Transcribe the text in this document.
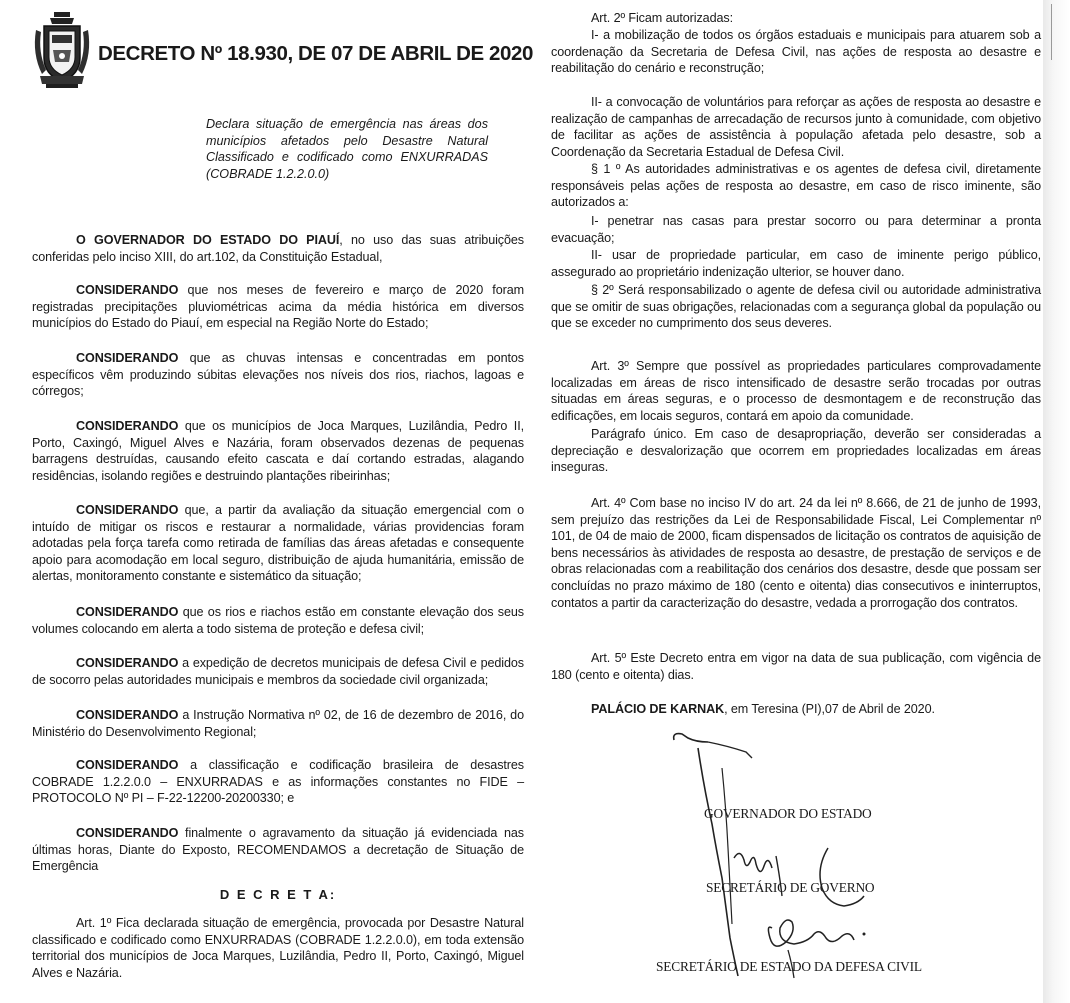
DECRETO Nº 18.930, DE 07 DE ABRIL DE 2020
Declara situação de emergência nas áreas dos municípios afetados pelo Desastre Natural Classificado e codificado como ENXURRADAS (COBRADE 1.2.2.0.0)

O GOVERNADOR DO ESTADO DO PIAUÍ, no uso das suas atribuições conferidas pelo inciso XIII, do art.102, da Constituição Estadual,

CONSIDERANDO que nos meses de fevereiro e março de 2020 foram registradas precipitações pluviométricas acima da média histórica em diversos municípios do Estado do Piauí, em especial na Região Norte do Estado;

CONSIDERANDO que as chuvas intensas e concentradas em pontos específicos vêm produzindo súbitas elevações nos níveis dos rios, riachos, lagoas e córregos;

CONSIDERANDO que os municípios de Joca Marques, Luzilândia, Pedro II, Porto, Caxingó, Miguel Alves e Nazária, foram observados dezenas de pequenas barragens destruídas, causando efeito cascata e daí cortando estradas, alagando residências, isolando regiões e destruindo plantações ribeirinhas;

CONSIDERANDO que, a partir da avaliação da situação emergencial com o intuído de mitigar os riscos e restaurar a normalidade, várias providencias foram adotadas pela força tarefa como retirada de famílias das áreas afetadas e consequente apoio para acomodação em local seguro, distribuição de ajuda humanitária, emissão de alertas, monitoramento constante e sistemático da situação;

CONSIDERANDO que os rios e riachos estão em constante elevação dos seus volumes colocando em alerta a todo sistema de proteção e defesa civil;

CONSIDERANDO a expedição de decretos municipais de defesa Civil e pedidos de socorro pelas autoridades municipais e membros da sociedade civil organizada;

CONSIDERANDO a Instrução Normativa nº 02, de 16 de dezembro de 2016, do Ministério do Desenvolvimento Regional;

CONSIDERANDO a classificação e codificação brasileira de desastres COBRADE 1.2.2.0.0 – ENXURRADAS e as informações constantes no FIDE – PROTOCOLO Nº PI – F-22-12200-20200330; e

CONSIDERANDO finalmente o agravamento da situação já evidenciada nas últimas horas, Diante do Exposto, RECOMENDAMOS a decretação de Situação de Emergência

D E C R E T A:

Art. 1º Fica declarada situação de emergência, provocada por Desastre Natural classificado e codificado como ENXURRADAS (COBRADE 1.2.2.0.0), em toda extensão territorial dos municípios de Joca Marques, Luzilândia, Pedro II, Porto, Caxingó, Miguel Alves e Nazária.

Art. 2º Ficam autorizadas:

I- a mobilização de todos os órgãos estaduais e municipais para atuarem sob a coordenação da Secretaria de Defesa Civil, nas ações de resposta ao desastre e reabilitação do cenário e reconstrução;

II- a convocação de voluntários para reforçar as ações de resposta ao desastre e realização de campanhas de arrecadação de recursos junto à comunidade, com objetivo de facilitar as ações de assistência à população afetada pelo desastre, sob a Coordenação da Secretaria Estadual de Defesa Civil.

§ 1 º As autoridades administrativas e os agentes de defesa civil, diretamente responsáveis pelas ações de resposta ao desastre, em caso de risco iminente, são autorizados a:

I- penetrar nas casas para prestar socorro ou para determinar a pronta evacuação;

II- usar de propriedade particular, em caso de iminente perigo público, assegurado ao proprietário indenização ulterior, se houver dano.

§ 2º Será responsabilizado o agente de defesa civil ou autoridade administrativa que se omitir de suas obrigações, relacionadas com a segurança global da população ou que se exceder no cumprimento dos seus deveres.

Art. 3º Sempre que possível as propriedades particulares comprovadamente localizadas em áreas de risco intensificado de desastre serão trocadas por outras situadas em áreas seguras, e o processo de desmontagem e de reconstrução das edificações, em locais seguros, contará em apoio da comunidade.

Parágrafo único. Em caso de desapropriação, deverão ser consideradas a depreciação e desvalorização que ocorrem em propriedades localizadas em áreas inseguras.

Art. 4º Com base no inciso IV do art. 24 da lei nº 8.666, de 21 de junho de 1993, sem prejuízo das restrições da Lei de Responsabilidade Fiscal, Lei Complementar nº 101, de 04 de maio de 2000, ficam dispensados de licitação os contratos de aquisição de bens necessários às atividades de resposta ao desastre, de prestação de serviços e de obras relacionadas com a reabilitação dos cenários dos desastre, desde que possam ser concluídas no prazo máximo de 180 (cento e oitenta) dias consecutivos e ininterruptos, contatos a partir da caracterização do desastre, vedada a prorrogação dos contratos.

Art. 5º Este Decreto entra em vigor na data de sua publicação, com vigência de 180 (cento e oitenta) dias.

PALÁCIO DE KARNAK, em Teresina (PI),07 de Abril de 2020.

GOVERNADOR DO ESTADO
SECRETÁRIO DE GOVERNO
SECRETÁRIO DE ESTADO DA DEFESA CIVIL
